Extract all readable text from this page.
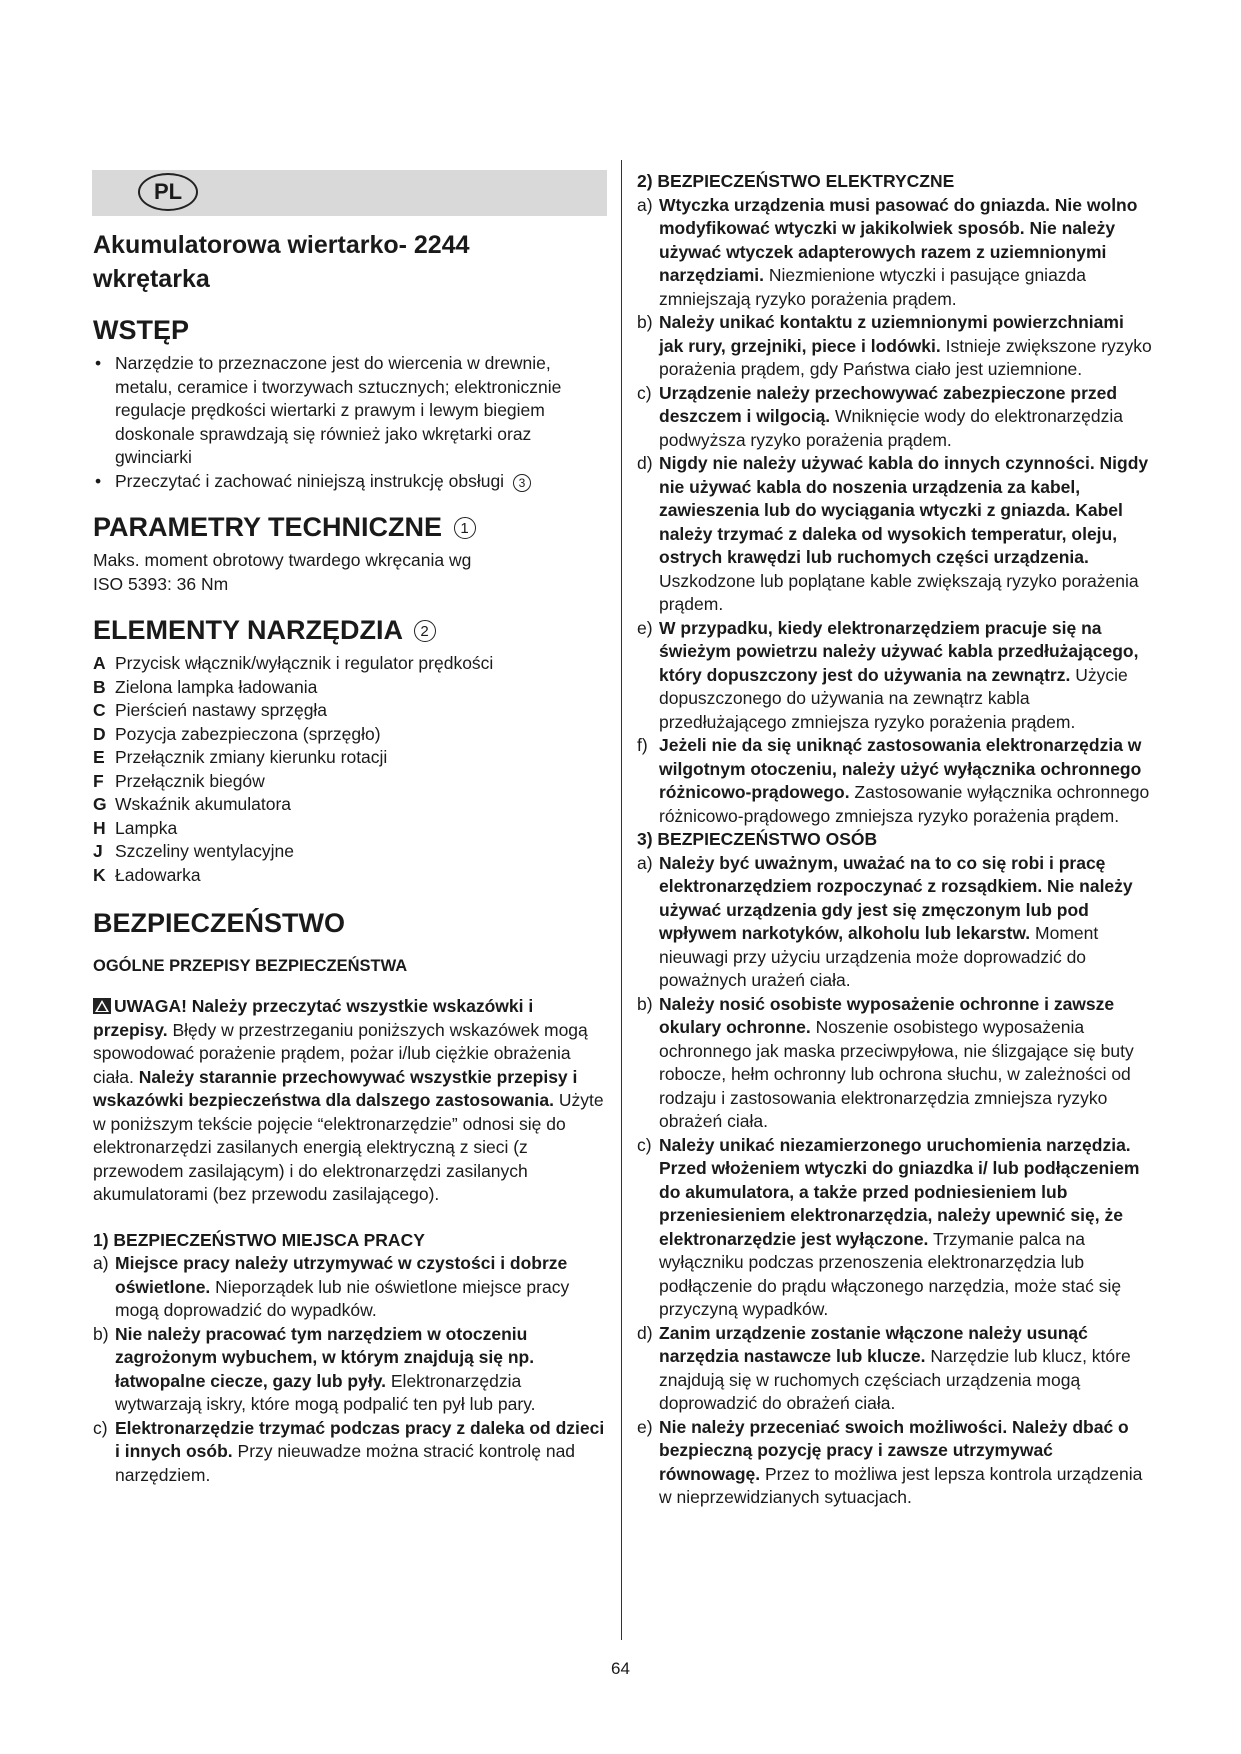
PL
Akumulatorowa wiertarko- 2244
wkrętarka
WSTĘP
• Narzędzie to przeznaczone jest do wiercenia w drewnie, metalu, ceramice i tworzywach sztucznych; elektronicznie regulacje prędkości wiertarki z prawym i lewym biegiem doskonale sprawdzają się również jako wkrętarki oraz gwinciarki
• Przeczytać i zachować niniejszą instrukcję obsługi 3
PARAMETRY TECHNICZNE 1

Maks. moment obrotowy twardego wkręcania wg ISO 5393: 36 Nm

ELEMENTY NARZĘDZIA 2
A Przycisk włącznik/wyłącznik i regulator prędkości
B Zielona lampka ładowania
C Pierścień nastawy sprzęgła
D Pozycja zabezpieczona (sprzęgło)
E Przełącznik zmiany kierunku rotacji
F Przełącznik biegów
G Wskaźnik akumulatora
H Lampka
J Szczeliny wentylacyjne
K Ładowarka
BEZPIECZEŃSTWO
OGÓLNE PRZEPISY BEZPIECZEŃSTWA

UWAGA! Należy przeczytać wszystkie wskazówki i przepisy. Błędy w przestrzeganiu poniższych wskazówek mogą spowodować porażenie prądem, pożar i/lub ciężkie obrażenia ciała. Należy starannie przechowywać wszystkie przepisy i wskazówki bezpieczeństwa dla dalszego zastosowania. Użyte w poniższym tekście pojęcie “elektronarzędzie” odnosi się do elektronarzędzi zasilanych energią elektryczną z sieci (z przewodem zasilającym) i do elektronarzędzi zasilanych akumulatorami (bez przewodu zasilającego).

1) BEZPIECZEŃSTWO MIEJSCA PRACY
a) Miejsce pracy należy utrzymywać w czystości i dobrze oświetlone. Nieporządek lub nie oświetlone miejsce pracy mogą doprowadzić do wypadków.
b) Nie należy pracować tym narzędziem w otoczeniu zagrożonym wybuchem, w którym znajdują się np. łatwopalne ciecze, gazy lub pyły. Elektronarzędzia wytwarzają iskry, które mogą podpalić ten pył lub pary.
c) Elektronarzędzie trzymać podczas pracy z daleka od dzieci i innych osób. Przy nieuwadze można stracić kontrolę nad narzędziem.
2) BEZPIECZEŃSTWO ELEKTRYCZNE
a) Wtyczka urządzenia musi pasować do gniazda. Nie wolno modyfikować wtyczki w jakikolwiek sposób. Nie należy używać wtyczek adapterowych razem z uziemnionymi narzędziami. Niezmienione wtyczki i pasujące gniazda zmniejszają ryzyko porażenia prądem.
b) Należy unikać kontaktu z uziemnionymi powierzchniami jak rury, grzejniki, piece i lodówki. Istnieje zwiększone ryzyko porażenia prądem, gdy Państwa ciało jest uziemnione.
c) Urządzenie należy przechowywać zabezpieczone przed deszczem i wilgocią. Wniknięcie wody do elektronarzędzia podwyższa ryzyko porażenia prądem.
d) Nigdy nie należy używać kabla do innych czynności. Nigdy nie używać kabla do noszenia urządzenia za kabel, zawieszenia lub do wyciągania wtyczki z gniazda. Kabel należy trzymać z daleka od wysokich temperatur, oleju, ostrych krawędzi lub ruchomych części urządzenia. Uszkodzone lub poplątane kable zwiększają ryzyko porażenia prądem.
e) W przypadku, kiedy elektronarzędziem pracuje się na świeżym powietrzu należy używać kabla przedłużającego, który dopuszczony jest do używania na zewnątrz. Użycie dopuszczonego do używania na zewnątrz kabla przedłużającego zmniejsza ryzyko porażenia prądem.
f) Jeżeli nie da się uniknąć zastosowania elektronarzędzia w wilgotnym otoczeniu, należy użyć wyłącznika ochronnego różnicowo-prądowego. Zastosowanie wyłącznika ochronnego różnicowo-prądowego zmniejsza ryzyko porażenia prądem.
3) BEZPIECZEŃSTWO OSÓB
a) Należy być uważnym, uważać na to co się robi i pracę elektronarzędziem rozpoczynać z rozsądkiem. Nie należy używać urządzenia gdy jest się zmęczonym lub pod wpływem narkotyków, alkoholu lub lekarstw. Moment nieuwagi przy użyciu urządzenia może doprowadzić do poważnych urażeń ciała.
b) Należy nosić osobiste wyposażenie ochronne i zawsze okulary ochronne. Noszenie osobistego wyposażenia ochronnego jak maska przeciwpyłowa, nie ślizgające się buty robocze, hełm ochronny lub ochrona słuchu, w zależności od rodzaju i zastosowania elektronarzędzia zmniejsza ryzyko obrażeń ciała.
c) Należy unikać niezamierzonego uruchomienia narzędzia. Przed włożeniem wtyczki do gniazdka i/ lub podłączeniem do akumulatora, a także przed podniesieniem lub przeniesieniem elektronarzędzia, należy upewnić się, że elektronarzędzie jest wyłączone. Trzymanie palca na wyłączniku podczas przenoszenia elektronarzędzia lub podłączenie do prądu włączonego narzędzia, może stać się przyczyną wypadków.
d) Zanim urządzenie zostanie włączone należy usunąć narzędzia nastawcze lub klucze. Narzędzie lub klucz, które znajdują się w ruchomych częściach urządzenia mogą doprowadzić do obrażeń ciała.
e) Nie należy przeceniać swoich możliwości. Należy dbać o bezpieczną pozycję pracy i zawsze utrzymywać równowagę. Przez to możliwa jest lepsza kontrola urządzenia w nieprzewidzianych sytuacjach.
64
